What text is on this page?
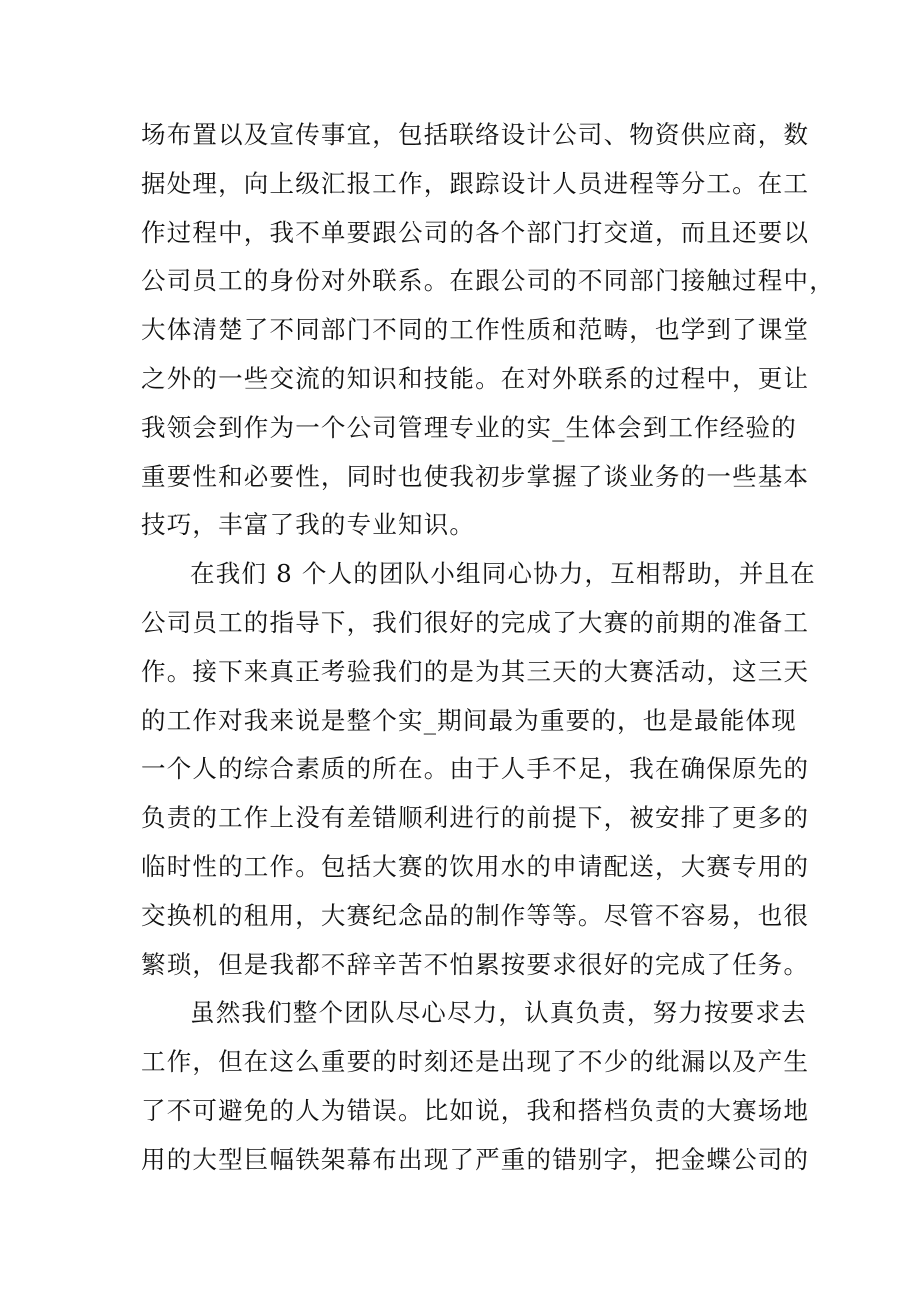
场布置以及宣传事宜，包括联络设计公司、物资供应商，数
据处理，向上级汇报工作，跟踪设计人员进程等分工。在工
作过程中，我不单要跟公司的各个部门打交道，而且还要以
公司员工的身份对外联系。在跟公司的不同部门接触过程中，
大体清楚了不同部门不同的工作性质和范畴，也学到了课堂
之外的一些交流的知识和技能。在对外联系的过程中，更让
我领会到作为一个公司管理专业的实_生体会到工作经验的
重要性和必要性，同时也使我初步掌握了谈业务的一些基本
技巧，丰富了我的专业知识。
在我们 8 个人的团队小组同心协力，互相帮助，并且在
公司员工的指导下，我们很好的完成了大赛的前期的准备工
作。接下来真正考验我们的是为其三天的大赛活动，这三天
的工作对我来说是整个实_期间最为重要的，也是最能体现
一个人的综合素质的所在。由于人手不足，我在确保原先的
负责的工作上没有差错顺利进行的前提下，被安排了更多的
临时性的工作。包括大赛的饮用水的申请配送，大赛专用的
交换机的租用，大赛纪念品的制作等等。尽管不容易，也很
繁琐，但是我都不辞辛苦不怕累按要求很好的完成了任务。
虽然我们整个团队尽心尽力，认真负责，努力按要求去
工作，但在这么重要的时刻还是出现了不少的纰漏以及产生
了不可避免的人为错误。比如说，我和搭档负责的大赛场地
用的大型巨幅铁架幕布出现了严重的错别字，把金蝶公司的
